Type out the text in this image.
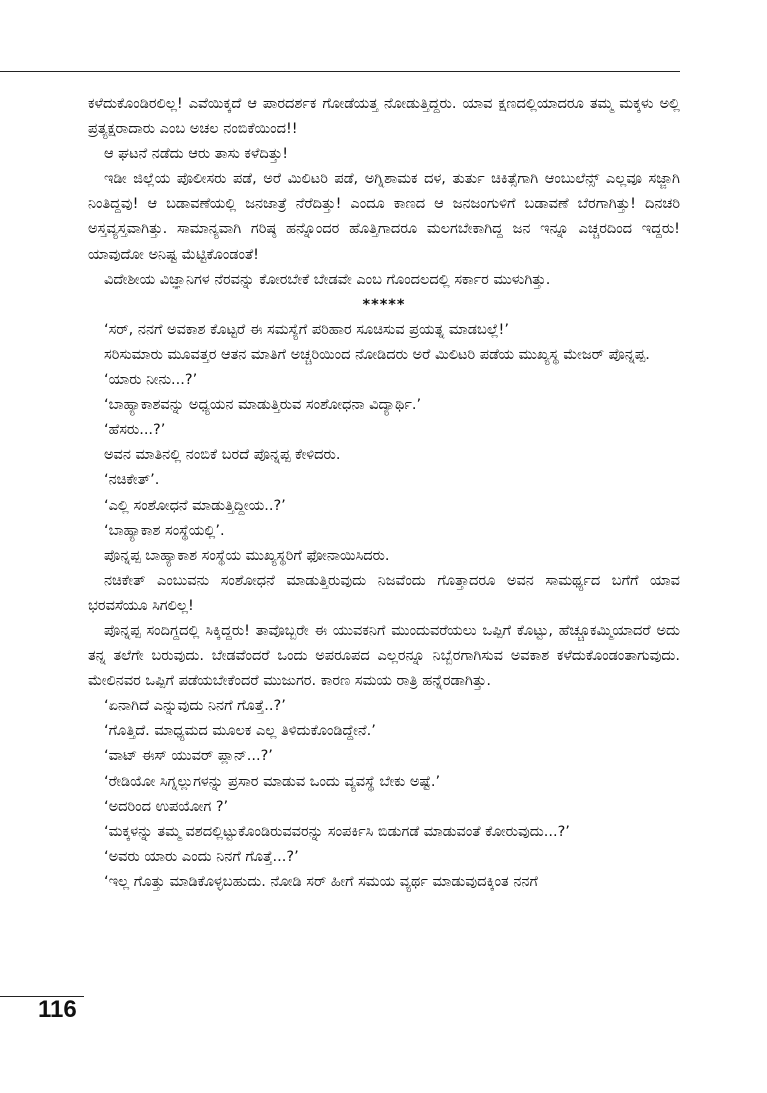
ಕಳೆದುಕೊಂಡಿರಲಿಲ್ಲ! ಎವೆಯಿಕ್ಕದೆ ಆ ಪಾರದರ್ಶಕ ಗೋಡೆಯತ್ತ ನೋಡುತ್ತಿದ್ದರು. ಯಾವ ಕ್ಷಣದಲ್ಲಿಯಾದರೂ ತಮ್ಮ ಮಕ್ಕಳು ಅಲ್ಲಿ ಪ್ರತ್ಯಕ್ಷರಾದಾರು ಎಂಬ ಅಚಲ ನಂಬಿಕೆಯಿಂದ!!

ಆ ಘಟನೆ ನಡೆದು ಆರು ತಾಸು ಕಳೆದಿತ್ತು!

ಇಡೀ ಜಿಲ್ಲೆಯ ಪೊಲೀಸರು ಪಡೆ, ಅರೆ ಮಿಲಿಟರಿ ಪಡೆ, ಅಗ್ನಿಶಾಮಕ ದಳ, ತುರ್ತು ಚಿಕಿತ್ಸೆಗಾಗಿ ಆಂಬುಲೆನ್ಸ್ ಎಲ್ಲವೂ ಸಜ್ಜಾಗಿ ನಿಂತಿದ್ದವು! ಆ ಬಡಾವಣೆಯಲ್ಲಿ ಜನಜಾತ್ರೆ ನೆರೆದಿತ್ತು! ಎಂದೂ ಕಾಣದ ಆ ಜನಜಂಗುಳಿಗೆ ಬಡಾವಣೆ ಬೆರಗಾಗಿತ್ತು! ದಿನಚರಿ ಅಸ್ತವ್ಯಸ್ತವಾಗಿತ್ತು. ಸಾಮಾನ್ಯವಾಗಿ ಗರಿಷ್ಠ ಹನ್ನೊಂದರ ಹೊತ್ತಿಗಾದರೂ ಮಲಗಬೇಕಾಗಿದ್ದ ಜನ ಇನ್ನೂ ಎಚ್ಚರದಿಂದ ಇದ್ದರು! ಯಾವುದೋ ಅನಿಷ್ಟ ಮೆಟ್ಟಿಕೊಂಡಂತೆ!

ವಿದೇಶೀಯ ವಿಜ್ಞಾನಿಗಳ ನೆರವನ್ನು ಕೋರಬೇಕೆ ಬೇಡವೇ ಎಂಬ ಗೊಂದಲದಲ್ಲಿ ಸರ್ಕಾರ ಮುಳುಗಿತ್ತು.

*****

‘ಸರ್, ನನಗೆ ಅವಕಾಶ ಕೊಟ್ಟರೆ ಈ ಸಮಸ್ಯೆಗೆ ಪರಿಹಾರ ಸೂಚಿಸುವ ಪ್ರಯತ್ನ ಮಾಡಬಲ್ಲೆ!’

ಸರಿಸುಮಾರು ಮೂವತ್ತರ ಆತನ ಮಾತಿಗೆ ಅಚ್ಚರಿಯಿಂದ ನೋಡಿದರು ಅರೆ ಮಿಲಿಟರಿ ಪಡೆಯ ಮುಖ್ಯಸ್ಥ ಮೇಜರ್ ಪೊನ್ನಪ್ಪ.

‘ಯಾರು ನೀನು...?’

‘ಬಾಹ್ಯಾಕಾಶವನ್ನು ಅಧ್ಯಯನ ಮಾಡುತ್ತಿರುವ ಸಂಶೋಧನಾ ವಿದ್ಯಾರ್ಥಿ.’

‘ಹೆಸರು...?’

ಅವನ ಮಾತಿನಲ್ಲಿ ನಂಬಿಕೆ ಬರದೆ ಪೊನ್ನಪ್ಪ ಕೇಳಿದರು.

‘ನಚಿಕೇತ್’.

‘ಎಲ್ಲಿ ಸಂಶೋಧನೆ ಮಾಡುತ್ತಿದ್ದೀಯ..?’

‘ಬಾಹ್ಯಾಕಾಶ ಸಂಸ್ಥೆಯಲ್ಲಿ’.

ಪೊನ್ನಪ್ಪ ಬಾಹ್ಯಾಕಾಶ ಸಂಸ್ಥೆಯ ಮುಖ್ಯಸ್ಥರಿಗೆ ಫೋನಾಯಿಸಿದರು.

ನಚಿಕೇತ್ ಎಂಬುವನು ಸಂಶೋಧನೆ ಮಾಡುತ್ತಿರುವುದು ನಿಜವೆಂದು ಗೊತ್ತಾದರೂ ಅವನ ಸಾಮರ್ಥ್ಯದ ಬಗೆಗೆ ಯಾವ ಭರವಸೆಯೂ ಸಿಗಲಿಲ್ಲ!

ಪೊನ್ನಪ್ಪ ಸಂದಿಗ್ದದಲ್ಲಿ ಸಿಕ್ಕಿದ್ದರು! ತಾವೊಬ್ಬರೇ ಈ ಯುವಕನಿಗೆ ಮುಂದುವರೆಯಲು ಒಪ್ಪಿಗೆ ಕೊಟ್ಟು, ಹೆಚ್ಚೂಕಮ್ಮಿಯಾದರೆ ಅದು ತನ್ನ ತಲೆಗೇ ಬರುವುದು. ಬೇಡವೆಂದರೆ ಒಂದು ಅಪರೂಪದ ಎಲ್ಲರನ್ನೂ ನಿಬ್ಬೆರಗಾಗಿಸುವ ಅವಕಾಶ ಕಳೆದುಕೊಂಡಂತಾಗುವುದು. ಮೇಲಿನವರ ಒಪ್ಪಿಗೆ ಪಡೆಯಬೇಕೆಂದರೆ ಮುಜುಗರ. ಕಾರಣ ಸಮಯ ರಾತ್ರಿ ಹನ್ನೆರಡಾಗಿತ್ತು.

‘ಏನಾಗಿದೆ ಎನ್ನುವುದು ನಿನಗೆ ಗೊತ್ತೆ..?’

‘ಗೊತ್ತಿದೆ. ಮಾಧ್ಯಮದ ಮೂಲಕ ಎಲ್ಲ ತಿಳಿದುಕೊಂಡಿದ್ದೇನೆ.’

‘ವಾಟ್ ಈಸ್ ಯುವರ್ ಪ್ಲಾನ್...?’

‘ರೇಡಿಯೋ ಸಿಗ್ನಲ್ಲುಗಳನ್ನು ಪ್ರಸಾರ ಮಾಡುವ ಒಂದು ವ್ಯವಸ್ಥೆ ಬೇಕು ಅಷ್ಟೆ.’

‘ಅದರಿಂದ ಉಪಯೋಗ ?’

‘ಮಕ್ಕಳನ್ನು ತಮ್ಮ ವಶದಲ್ಲಿಟ್ಟುಕೊಂಡಿರುವವರನ್ನು ಸಂಪರ್ಕಿಸಿ ಬಿಡುಗಡೆ ಮಾಡುವಂತೆ ಕೋರುವುದು...?’

‘ಅವರು ಯಾರು ಎಂದು ನಿನಗೆ ಗೊತ್ತೆ...?’

‘ಇಲ್ಲ ಗೊತ್ತು ಮಾಡಿಕೊಳ್ಳಬಹುದು. ನೋಡಿ ಸರ್ ಹೀಗೆ ಸಮಯ ವ್ಯರ್ಥ ಮಾಡುವುದಕ್ಕಿಂತ ನನಗೆ

116
